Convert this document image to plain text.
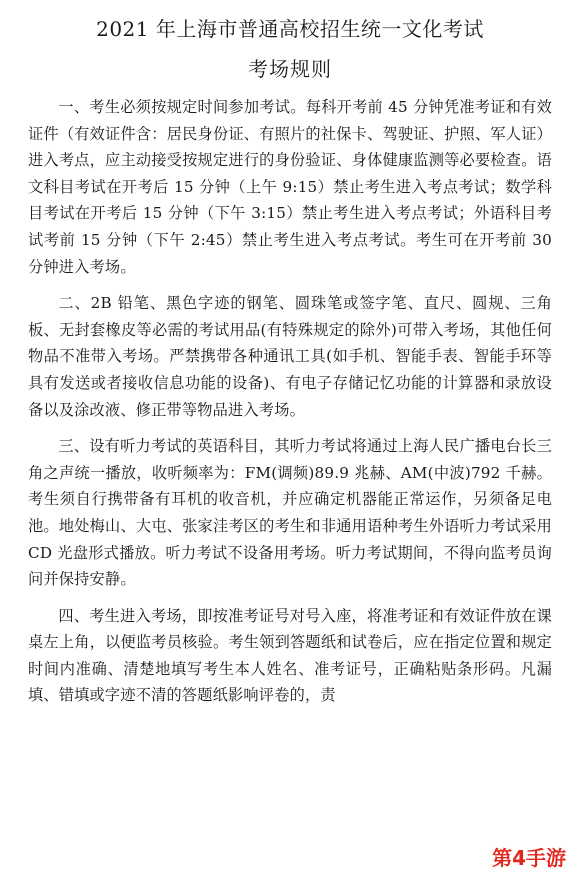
2021 年上海市普通高校招生统一文化考试
考场规则

一、考生必须按规定时间参加考试。每科开考前 45 分钟凭准考证和有效证件（有效证件含：居民身份证、有照片的社保卡、驾驶证、护照、军人证）进入考点，应主动接受按规定进行的身份验证、身体健康监测等必要检查。语文科目考试在开考后 15 分钟（上午 9:15）禁止考生进入考点考试；数学科目考试在开考后 15 分钟（下午 3:15）禁止考生进入考点考试；外语科目考试考前 15 分钟（下午 2:45）禁止考生进入考点考试。考生可在开考前 30 分钟进入考场。

二、2B 铅笔、黑色字迹的钢笔、圆珠笔或签字笔、直尺、圆规、三角板、无封套橡皮等必需的考试用品(有特殊规定的除外)可带入考场，其他任何物品不准带入考场。严禁携带各种通讯工具(如手机、智能手表、智能手环等具有发送或者接收信息功能的设备)、有电子存储记忆功能的计算器和录放设备以及涂改液、修正带等物品进入考场。

三、设有听力考试的英语科目，其听力考试将通过上海人民广播电台长三角之声统一播放，收听频率为：FM(调频)89.9 兆赫、AM(中波)792 千赫。考生须自行携带备有耳机的收音机，并应确定机器能正常运作，另须备足电池。地处梅山、大屯、张家洼考区的考生和非通用语种考生外语听力考试采用 CD 光盘形式播放。听力考试不设备用考场。听力考试期间，不得向监考员询问并保持安静。

四、考生进入考场，即按准考证号对号入座，将准考证和有效证件放在课桌左上角，以便监考员核验。考生领到答题纸和试卷后，应在指定位置和规定时间内准确、清楚地填写考生本人姓名、准考证号，正确粘贴条形码。凡漏填、错填或字迹不清的答题纸影响评卷的，责

第4手游
